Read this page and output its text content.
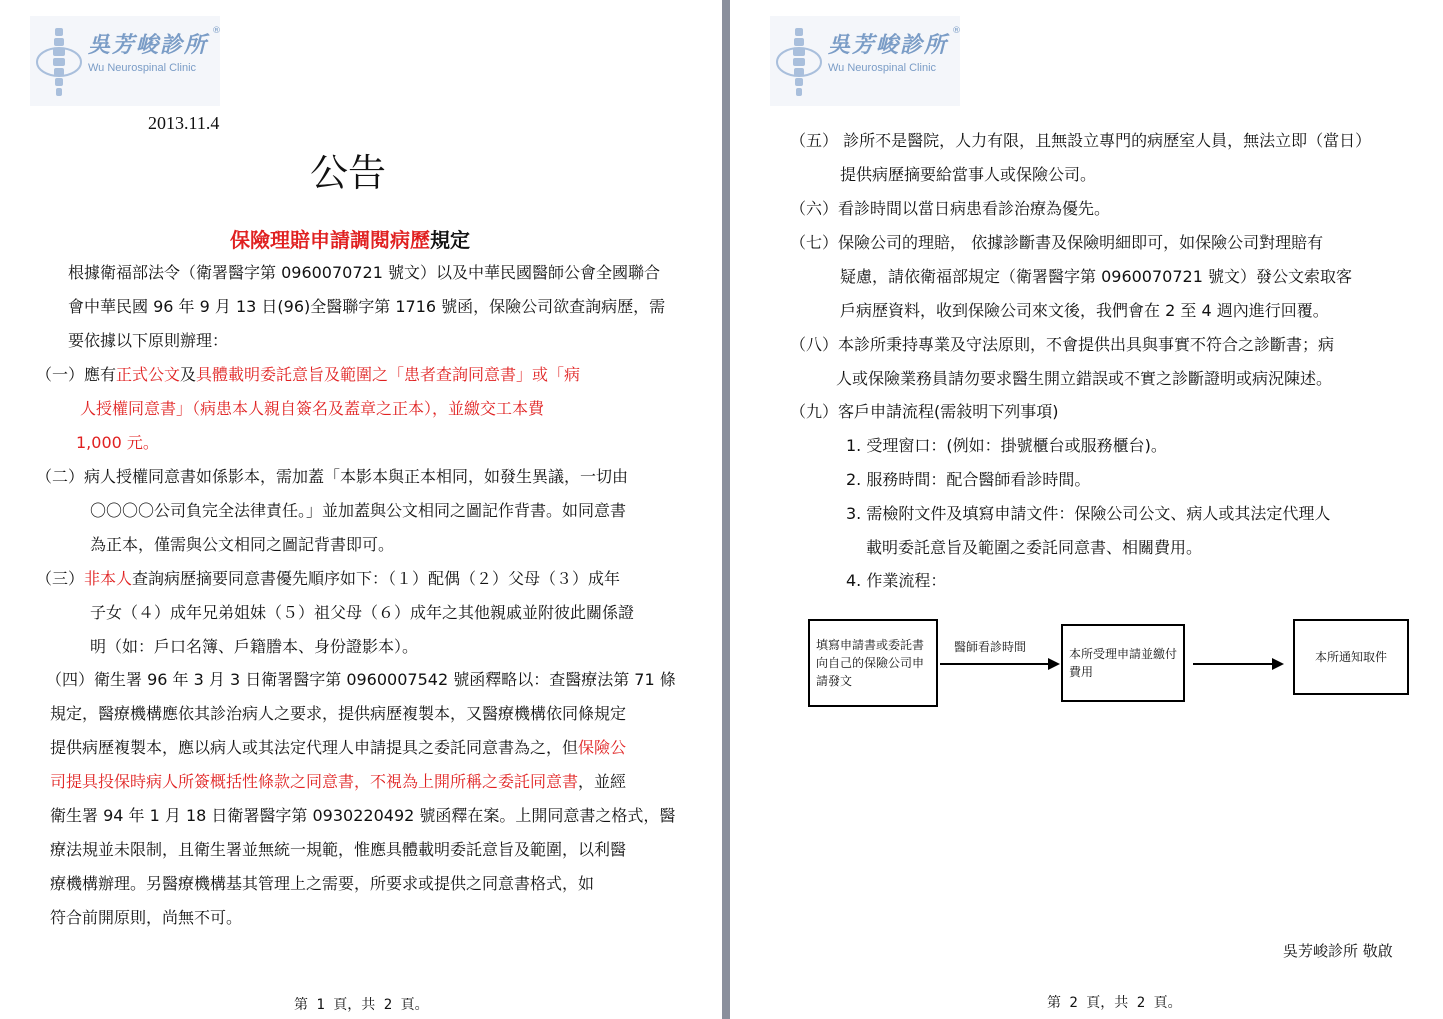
吳芳峻診所
®
Wu Neurospinal Clinic
2013.11.4
公告
保險理賠申請調閱病歷規定
根據衛福部法令（衛署醫字第 0960070721 號文）以及中華民國醫師公會全國聯合
會中華民國 96 年 9 月 13 日(96)全醫聯字第 1716 號函，保險公司欲查詢病歷，需
要依據以下原則辦理：
（一）應有正式公文及具體載明委託意旨及範圍之「患者查詢同意書」或「病
人授權同意書」（病患本人親自簽名及蓋章之正本），並繳交工本費
1,000 元。
（二）病人授權同意書如係影本，需加蓋「本影本與正本相同，如發生異議，一切由
〇〇〇〇公司負完全法律責任。」並加蓋與公文相同之圖記作背書。如同意書
為正本，僅需與公文相同之圖記背書即可。
（三）非本人查詢病歷摘要同意書優先順序如下：（１）配偶（２）父母（３）成年
子女（４）成年兄弟姐妹（５）祖父母（６）成年之其他親戚並附彼此關係證
明（如：戶口名簿、戶籍謄本、身份證影本）。
（四）衛生署 96 年 3 月 3 日衛署醫字第 0960007542 號函釋略以：查醫療法第 71 條
規定，醫療機構應依其診治病人之要求，提供病歷複製本，又醫療機構依同條規定
提供病歷複製本，應以病人或其法定代理人申請提具之委託同意書為之，但保險公
司提具投保時病人所簽概括性條款之同意書，不視為上開所稱之委託同意書，並經
衛生署 94 年 1 月 18 日衛署醫字第 0930220492 號函釋在案。上開同意書之格式，醫
療法規並未限制，且衛生署並無統一規範，惟應具體載明委託意旨及範圍，以利醫
療機構辦理。另醫療機構基其管理上之需要，所要求或提供之同意書格式，如
符合前開原則，尚無不可。
第 1 頁，共 2 頁。
吳芳峻診所
®
Wu Neurospinal Clinic
（五） 診所不是醫院，人力有限，且無設立專門的病歷室人員，無法立即（當日）
提供病歷摘要給當事人或保險公司。
（六）看診時間以當日病患看診治療為優先。
（七）保險公司的理賠， 依據診斷書及保險明細即可，如保險公司對理賠有
疑慮，請依衛福部規定（衛署醫字第 0960070721 號文）發公文索取客
戶病歷資料，收到保險公司來文後，我們會在 2 至 4 週內進行回覆。
（八）本診所秉持專業及守法原則，不會提供出具與事實不符合之診斷書；病
人或保險業務員請勿要求醫生開立錯誤或不實之診斷證明或病況陳述。
（九）客戶申請流程(需敍明下列事項)
1. 受理窗口：(例如：掛號櫃台或服務櫃台)。
2. 服務時間：配合醫師看診時間。
3. 需檢附文件及填寫申請文件：保險公司公文、病人或其法定代理人
載明委託意旨及範圍之委託同意書、相關費用。
4. 作業流程：
填寫申請書或委託書向自己的保險公司申請發文
醫師看診時間	本所受理申請並繳付費用
本所通知取件
吳芳峻診所 敬啟
第 2 頁，共 2 頁。
